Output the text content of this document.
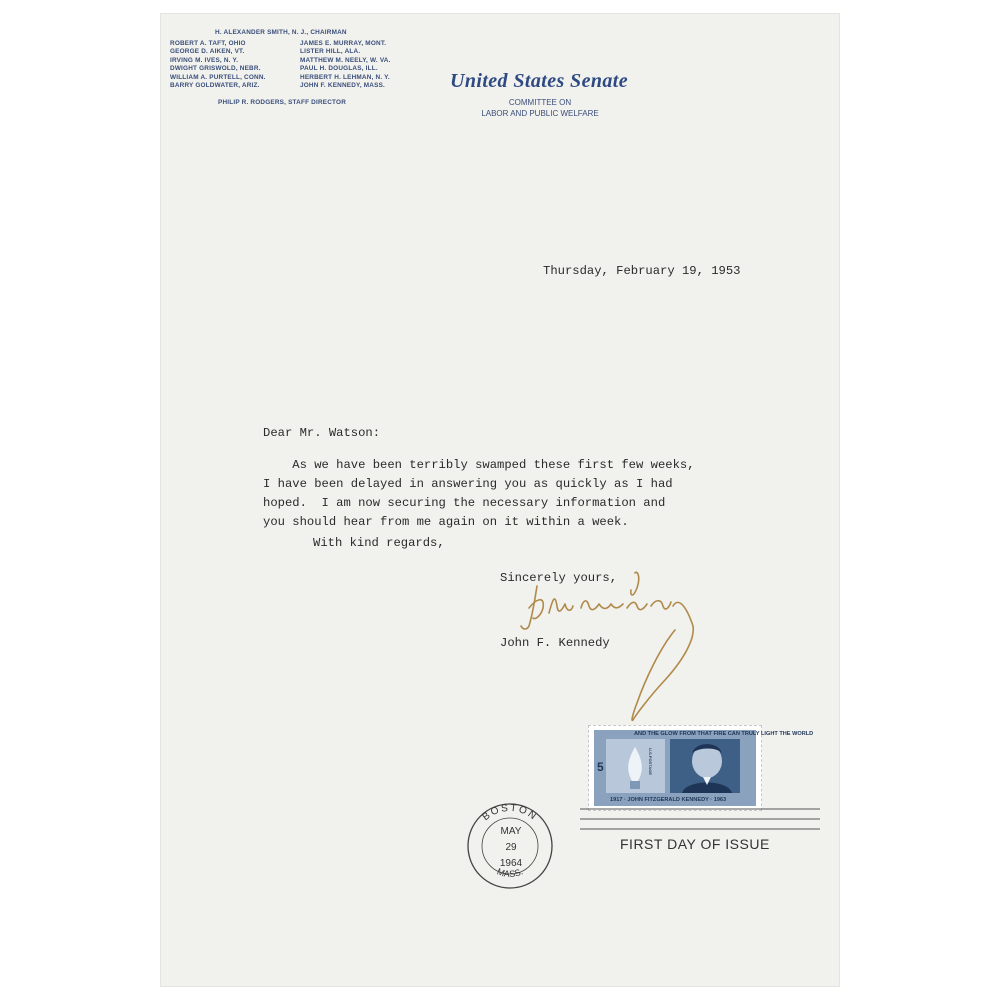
H. ALEXANDER SMITH, N. J., CHAIRMAN
ROBERT A. TAFT, OHIO
GEORGE D. AIKEN, VT.
IRVING M. IVES, N. Y.
DWIGHT GRISWOLD, NEBR.
WILLIAM A. PURTELL, CONN.
BARRY GOLDWATER, ARIZ.
JAMES E. MURRAY, MONT.
LISTER HILL, ALA.
MATTHEW M. NEELY, W. VA.
PAUL H. DOUGLAS, ILL.
HERBERT H. LEHMAN, N. Y.
JOHN F. KENNEDY, MASS.
PHILIP R. RODGERS, STAFF DIRECTOR
United States Senate
COMMITTEE ON
LABOR AND PUBLIC WELFARE
Thursday, February 19, 1953
Dear Mr. Watson:
As we have been terribly swamped these first few weeks,
I have been delayed in answering you as quickly as I had
hoped.  I am now securing the necessary information and
you should hear from me again on it within a week.
With kind regards,
Sincerely yours,
John F. Kennedy
AND THE GLOW FROM THAT FIRE CAN TRULY LIGHT THE WORLD
1917 · JOHN FITZGERALD KENNEDY · 1963
5	U.S.POSTAGE
FIRST DAY OF ISSUE
BOSTON
MASS.
MAY
29
1964
